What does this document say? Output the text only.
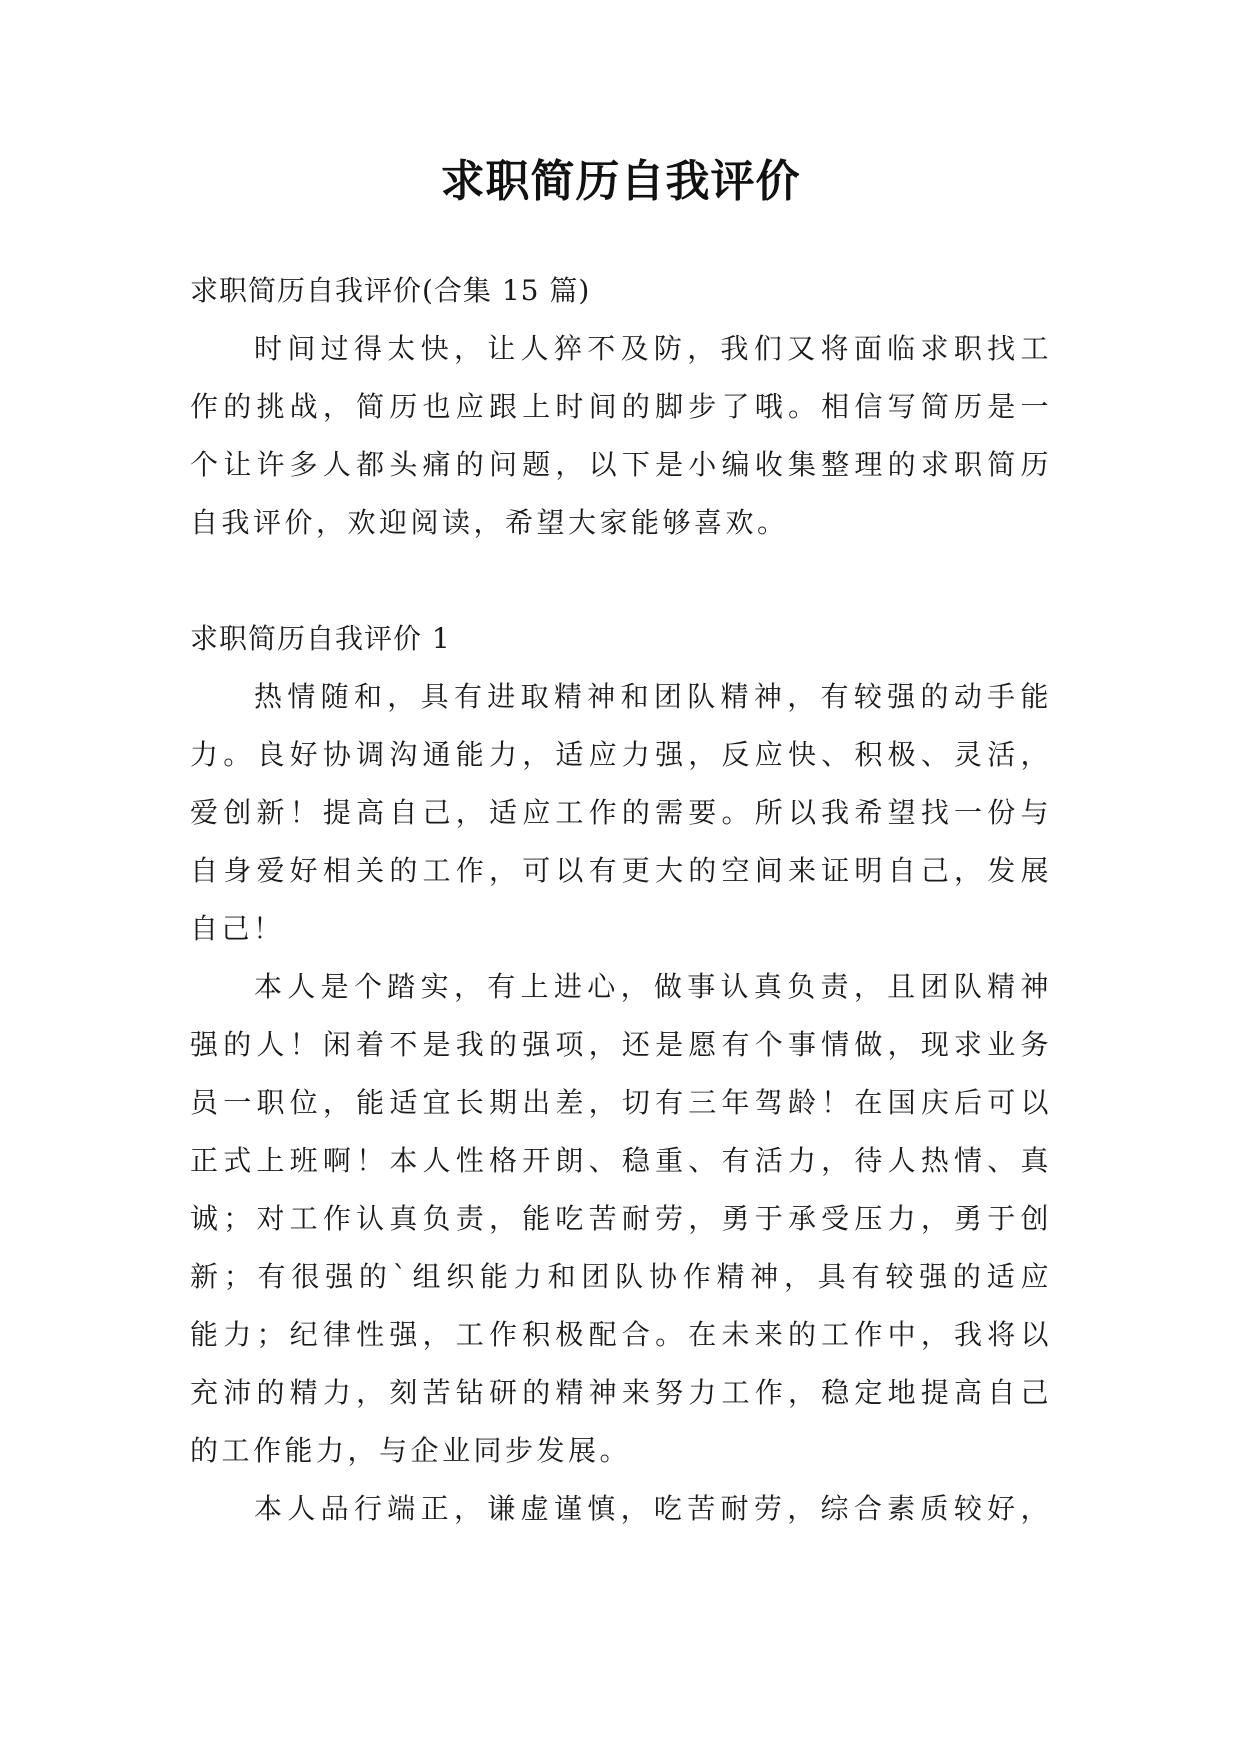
求职简历自我评价
求职简历自我评价(合集 15 篇)

时间过得太快，让人猝不及防，我们又将面临求职找工
作的挑战，简历也应跟上时间的脚步了哦。相信写简历是一
个让许多人都头痛的问题，以下是小编收集整理的求职简历
自我评价，欢迎阅读，希望大家能够喜欢。

求职简历自我评价 1

热情随和，具有进取精神和团队精神，有较强的动手能
力。良好协调沟通能力，适应力强，反应快、积极、灵活，
爱创新！提高自己，适应工作的需要。所以我希望找一份与
自身爱好相关的工作，可以有更大的空间来证明自己，发展
自己！

本人是个踏实，有上进心，做事认真负责，且团队精神
强的人！闲着不是我的强项，还是愿有个事情做，现求业务
员一职位，能适宜长期出差，切有三年驾龄！在国庆后可以
正式上班啊！本人性格开朗、稳重、有活力，待人热情、真
诚；对工作认真负责，能吃苦耐劳，勇于承受压力，勇于创
新；有很强的`组织能力和团队协作精神，具有较强的适应
能力；纪律性强，工作积极配合。在未来的工作中，我将以
充沛的精力，刻苦钻研的精神来努力工作，稳定地提高自己
的工作能力，与企业同步发展。

本人品行端正，谦虚谨慎，吃苦耐劳，综合素质较好，
